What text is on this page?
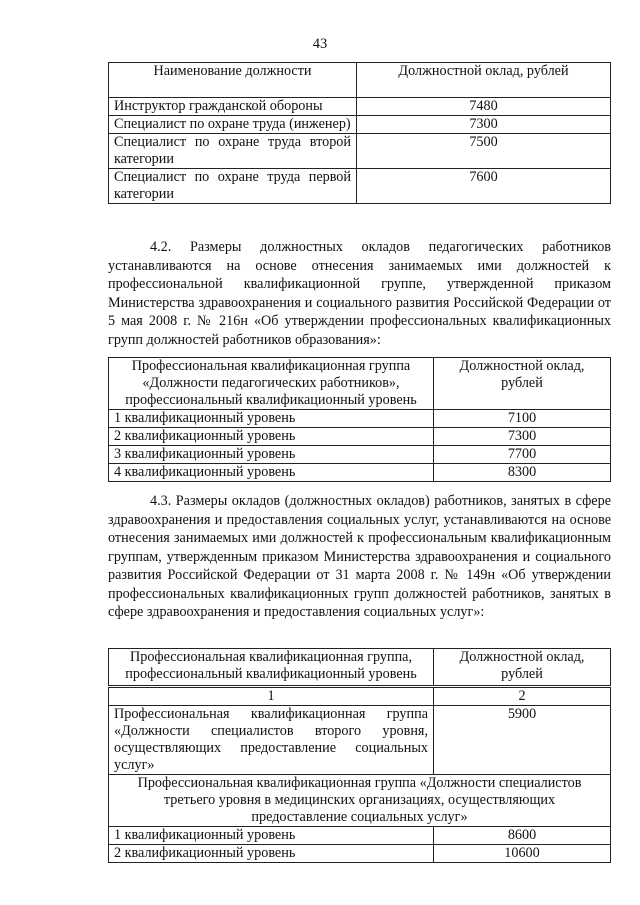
43
Наименование должности	Должностной оклад, рублей
Инструктор гражданской обороны	7480
Специалист по охране труда (инженер)	7300
Специалист по охране труда второй категории	7500
Специалист по охране труда первой категории	7600
4.2. Размеры должностных окладов педагогических работников устанавливаются на основе отнесения занимаемых ими должностей к профессиональной квалификационной группе, утвержденной приказом Министерства здравоохранения и социального развития Российской Федерации от 5 мая 2008 г. № 216н «Об утверждении профессиональных квалификационных групп должностей работников образования»:
Профессиональная квалификационная группа «Должности педагогических работников», профессиональный квалификационный уровень	Должностной оклад, рублей
1 квалификационный уровень	7100
2 квалификационный уровень	7300
3 квалификационный уровень	7700
4 квалификационный уровень	8300
4.3. Размеры окладов (должностных окладов) работников, занятых в сфере здравоохранения и предоставления социальных услуг, устанавливаются на основе отнесения занимаемых ими должностей к профессиональным квалификационным группам, утвержденным приказом Министерства здравоохранения и социального развития Российской Федерации от 31 марта 2008 г. № 149н «Об утверждении профессиональных квалификационных групп должностей работников, занятых в сфере здравоохранения и предоставления социальных услуг»:
Профессиональная квалификационная группа, профессиональный квалификационный уровень	Должностной оклад, рублей
1	2
Профессиональная квалификационная группа «Должности специалистов второго уровня, осуществляющих предоставление социальных услуг»	5900
Профессиональная квалификационная группа «Должности специалистов третьего уровня в медицинских организациях, осуществляющих предоставление социальных услуг»	
1 квалификационный уровень	8600
2 квалификационный уровень	10600
